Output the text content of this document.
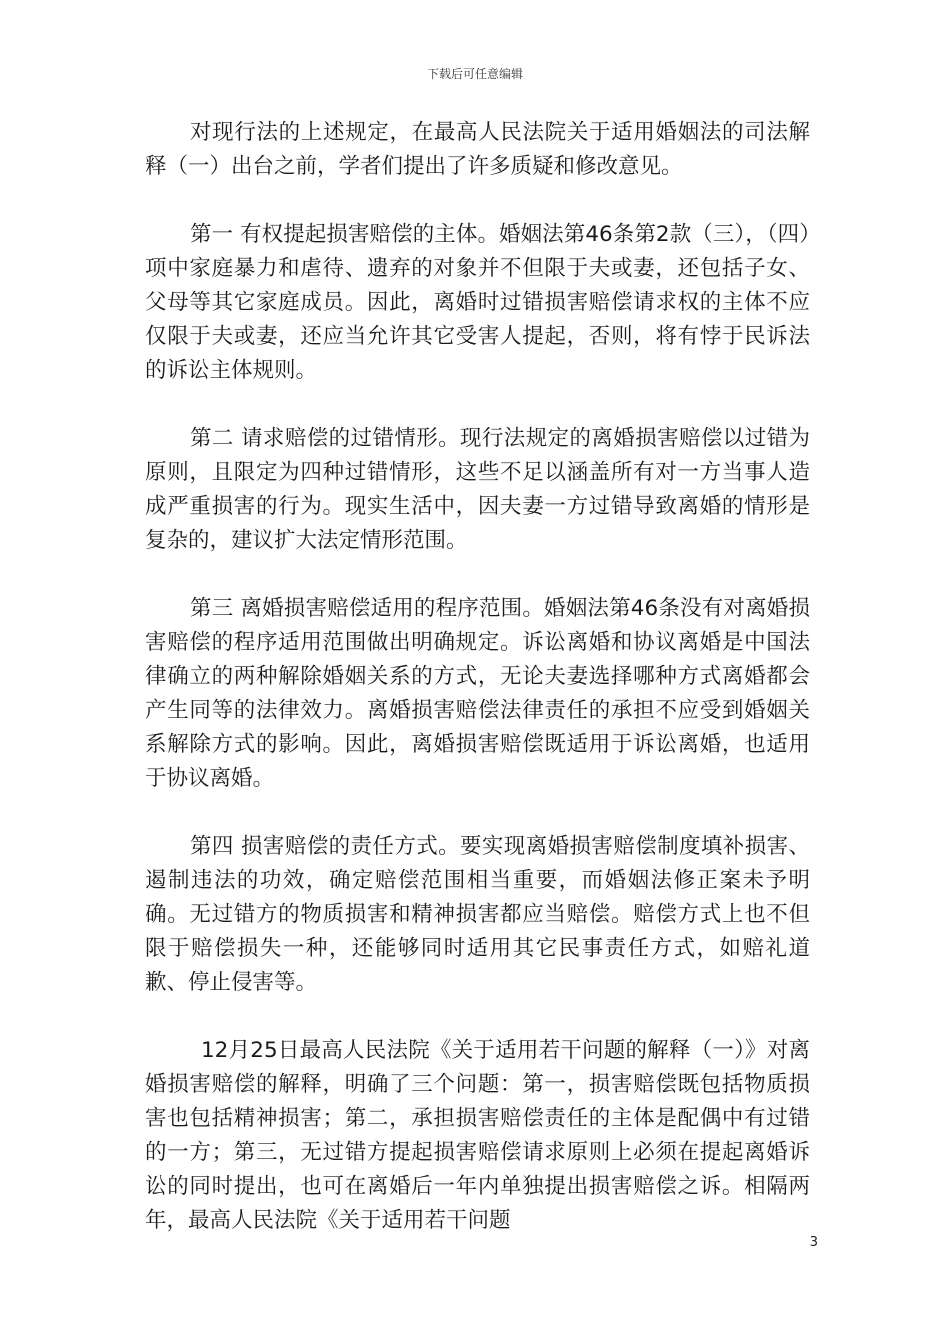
下载后可任意编辑

对现行法的上述规定，在最高人民法院关于适用婚姻法的司法解释（一）出台之前，学者们提出了许多质疑和修改意见。

第一 有权提起损害赔偿的主体。婚姻法第46条第2款（三），（四）项中家庭暴力和虐待、遗弃的对象并不但限于夫或妻，还包括子女、父母等其它家庭成员。因此，离婚时过错损害赔偿请求权的主体不应仅限于夫或妻，还应当允许其它受害人提起，否则，将有悖于民诉法的诉讼主体规则。

第二 请求赔偿的过错情形。现行法规定的离婚损害赔偿以过错为原则，且限定为四种过错情形，这些不足以涵盖所有对一方当事人造成严重损害的行为。现实生活中，因夫妻一方过错导致离婚的情形是复杂的，建议扩大法定情形范围。

第三 离婚损害赔偿适用的程序范围。婚姻法第46条没有对离婚损害赔偿的程序适用范围做出明确规定。诉讼离婚和协议离婚是中国法律确立的两种解除婚姻关系的方式，无论夫妻选择哪种方式离婚都会产生同等的法律效力。离婚损害赔偿法律责任的承担不应受到婚姻关系解除方式的影响。因此，离婚损害赔偿既适用于诉讼离婚，也适用于协议离婚。

第四 损害赔偿的责任方式。要实现离婚损害赔偿制度填补损害、遏制违法的功效，确定赔偿范围相当重要，而婚姻法修正案未予明确。无过错方的物质损害和精神损害都应当赔偿。赔偿方式上也不但限于赔偿损失一种，还能够同时适用其它民事责任方式，如赔礼道歉、停止侵害等。

12月25日最高人民法院《关于适用若干问题的解释（一）》对离婚损害赔偿的解释，明确了三个问题：第一，损害赔偿既包括物质损害也包括精神损害；第二，承担损害赔偿责任的主体是配偶中有过错的一方；第三，无过错方提起损害赔偿请求原则上必须在提起离婚诉讼的同时提出，也可在离婚后一年内单独提出损害赔偿之诉。相隔两年，最高人民法院《关于适用若干问题

3
